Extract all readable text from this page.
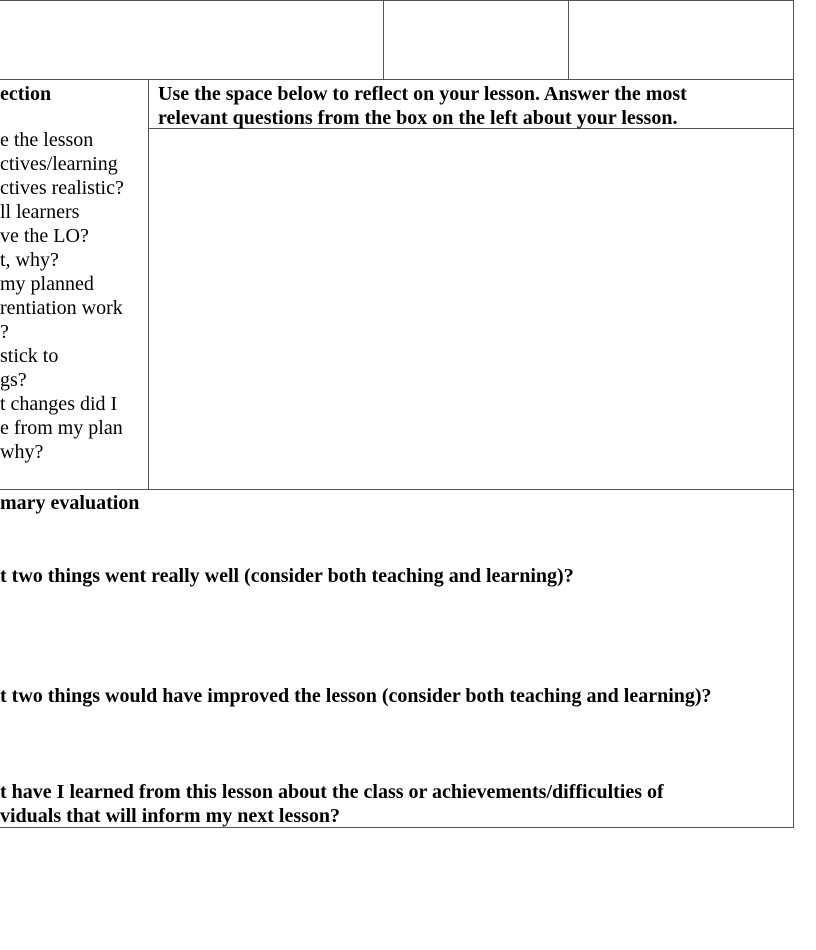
ection	Use the space below to reflect on your lesson. Answer the most
relevant questions from the box on the left about your lesson.
e the lesson
ctives/learning
ctives realistic?
ll learners
ve the LO?
t, why?
my planned
rentiation work
?
stick to
gs?
t changes did I
e from my plan
why?
mary evaluation
t two things went really well (consider both teaching and learning)?
t two things would have improved the lesson (consider both teaching and learning)?
t have I learned from this lesson about the class or achievements/difficulties of
viduals that will inform my next lesson?
